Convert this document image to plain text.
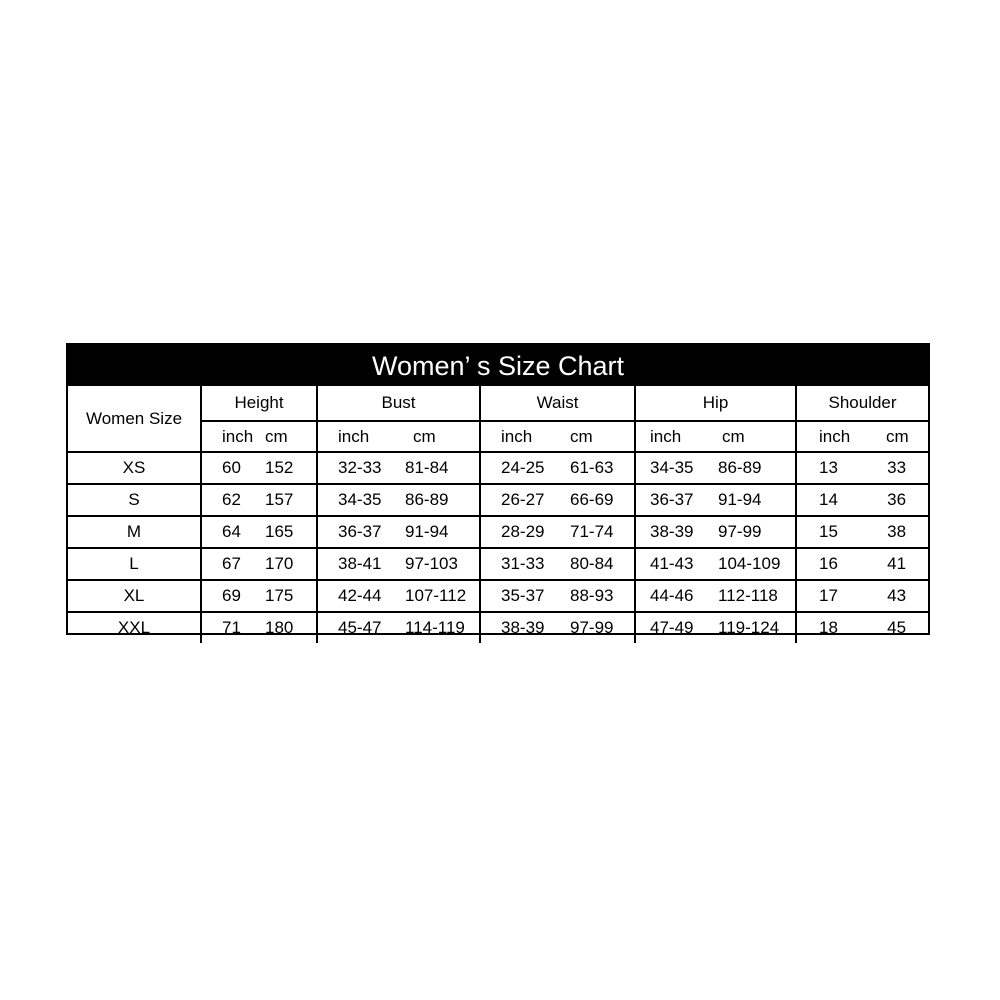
Women’ s Size Chart
Women Size	Height		Bust		Waist		Hip		Shoulder	
	inch	cm	inch	cm	inch	cm	inch	cm	inch	cm
XS	60	152	32-33	81-84	24-25	61-63	34-35	86-89	13	33
S	62	157	34-35	86-89	26-27	66-69	36-37	91-94	14	36
M	64	165	36-37	91-94	28-29	71-74	38-39	97-99	15	38
L	67	170	38-41	97-103	31-33	80-84	41-43	104-109	16	41
XL	69	175	42-44	107-112	35-37	88-93	44-46	112-118	17	43
XXL	71	180	45-47	114-119	38-39	97-99	47-49	119-124	18	45
